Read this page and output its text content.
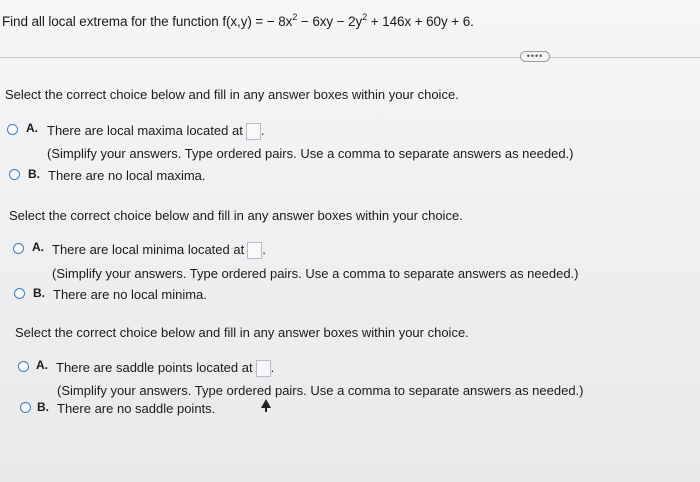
Find all local extrema for the function f(x,y) = − $8x^2 - 6xy - 2y^2 + 146x + 60y + 6$.
••••
Select the correct choice below and fill in any answer boxes within your choice.
A. There are local maxima located at .
(Simplify your answers. Type ordered pairs. Use a comma to separate answers as needed.)
B. There are no local maxima.
Select the correct choice below and fill in any answer boxes within your choice.
A. There are local minima located at .
(Simplify your answers. Type ordered pairs. Use a comma to separate answers as needed.)
B. There are no local minima.
Select the correct choice below and fill in any answer boxes within your choice.
A. There are saddle points located at .
(Simplify your answers. Type ordered pairs. Use a comma to separate answers as needed.)
B. There are no saddle points.
